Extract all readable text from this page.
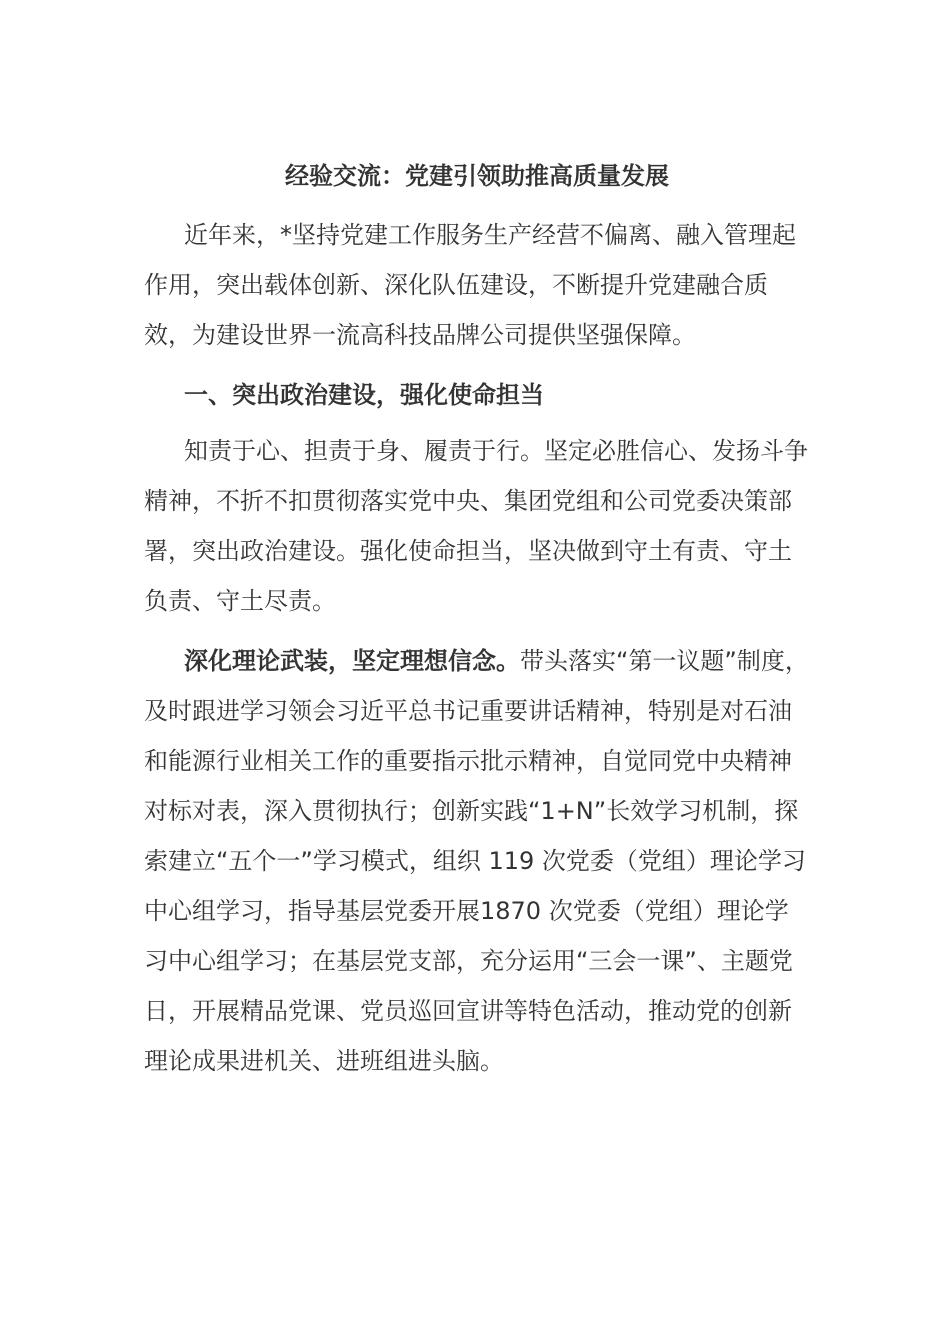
经验交流：党建引领助推高质量发展

近年来，*坚持党建工作服务生产经营不偏离、融入管理起作用，突出载体创新、深化队伍建设，不断提升党建融合质效，为建设世界一流高科技品牌公司提供坚强保障。

一、突出政治建设，强化使命担当

知责于心、担责于身、履责于行。坚定必胜信心、发扬斗争精神，不折不扣贯彻落实党中央、集团党组和公司党委决策部署，突出政治建设。强化使命担当，坚决做到守土有责、守土负责、守土尽责。

深化理论武装，坚定理想信念。带头落实“第一议题”制度，及时跟进学习领会习近平总书记重要讲话精神，特别是对石油和能源行业相关工作的重要指示批示精神，自觉同党中央精神对标对表，深入贯彻执行；创新实践“1+N”长效学习机制，探索建立“五个一”学习模式，组织 119 次党委（党组）理论学习中心组学习，指导基层党委开展1870 次党委（党组）理论学习中心组学习；在基层党支部，充分运用“三会一课”、主题党日，开展精品党课、党员巡回宣讲等特色活动，推动党的创新理论成果进机关、进班组进头脑。
